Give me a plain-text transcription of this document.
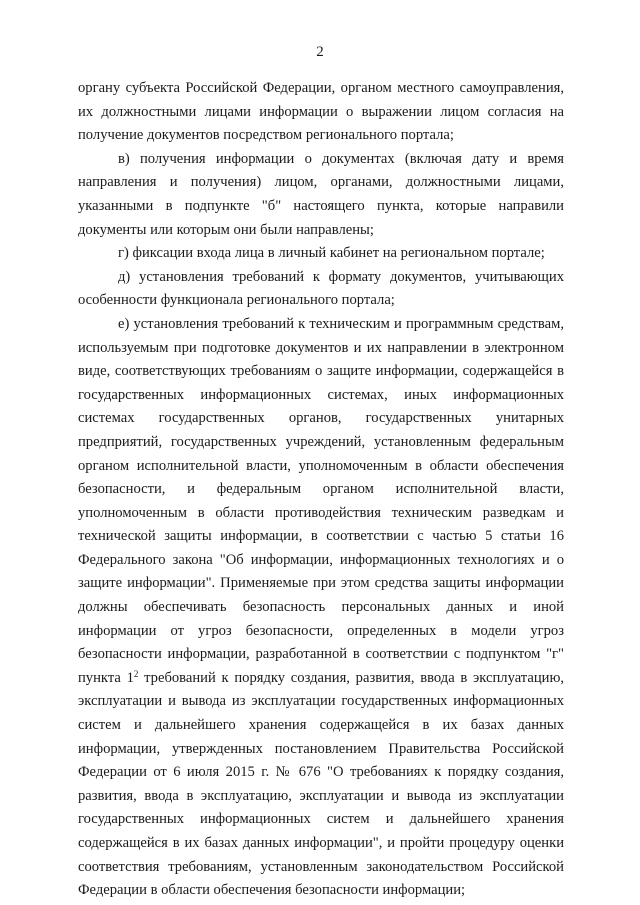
2

органу субъекта Российской Федерации, органом местного самоуправления, их должностными лицами информации о выражении лицом согласия на получение документов посредством регионального портала;

в) получения информации о документах (включая дату и время направления и получения) лицом, органами, должностными лицами, указанными в подпункте "б" настоящего пункта, которые направили документы или которым они были направлены;

г) фиксации входа лица в личный кабинет на региональном портале;

д) установления требований к формату документов, учитывающих особенности функционала регионального портала;

е) установления требований к техническим и программным средствам, используемым при подготовке документов и их направлении в электронном виде, соответствующих требованиям о защите информации, содержащейся в государственных информационных системах, иных информационных системах государственных органов, государственных унитарных предприятий, государственных учреждений, установленным федеральным органом исполнительной власти, уполномоченным в области обеспечения безопасности, и федеральным органом исполнительной власти, уполномоченным в области противодействия техническим разведкам и технической защиты информации, в соответствии с частью 5 статьи 16 Федерального закона "Об информации, информационных технологиях и о защите информации". Применяемые при этом средства защиты информации должны обеспечивать безопасность персональных данных и иной информации от угроз безопасности, определенных в модели угроз безопасности информации, разработанной в соответствии с подпунктом "г" пункта $1^2$ требований к порядку создания, развития, ввода в эксплуатацию, эксплуатации и вывода из эксплуатации государственных информационных систем и дальнейшего хранения содержащейся в их базах данных информации, утвержденных постановлением Правительства Российской Федерации от 6 июля 2015 г. № 676 "О требованиях к порядку создания, развития, ввода в эксплуатацию, эксплуатации и вывода из эксплуатации государственных информационных систем и дальнейшего хранения содержащейся в их базах данных информации", и пройти процедуру оценки соответствия требованиям, установленным законодательством Российской Федерации в области обеспечения безопасности информации;
